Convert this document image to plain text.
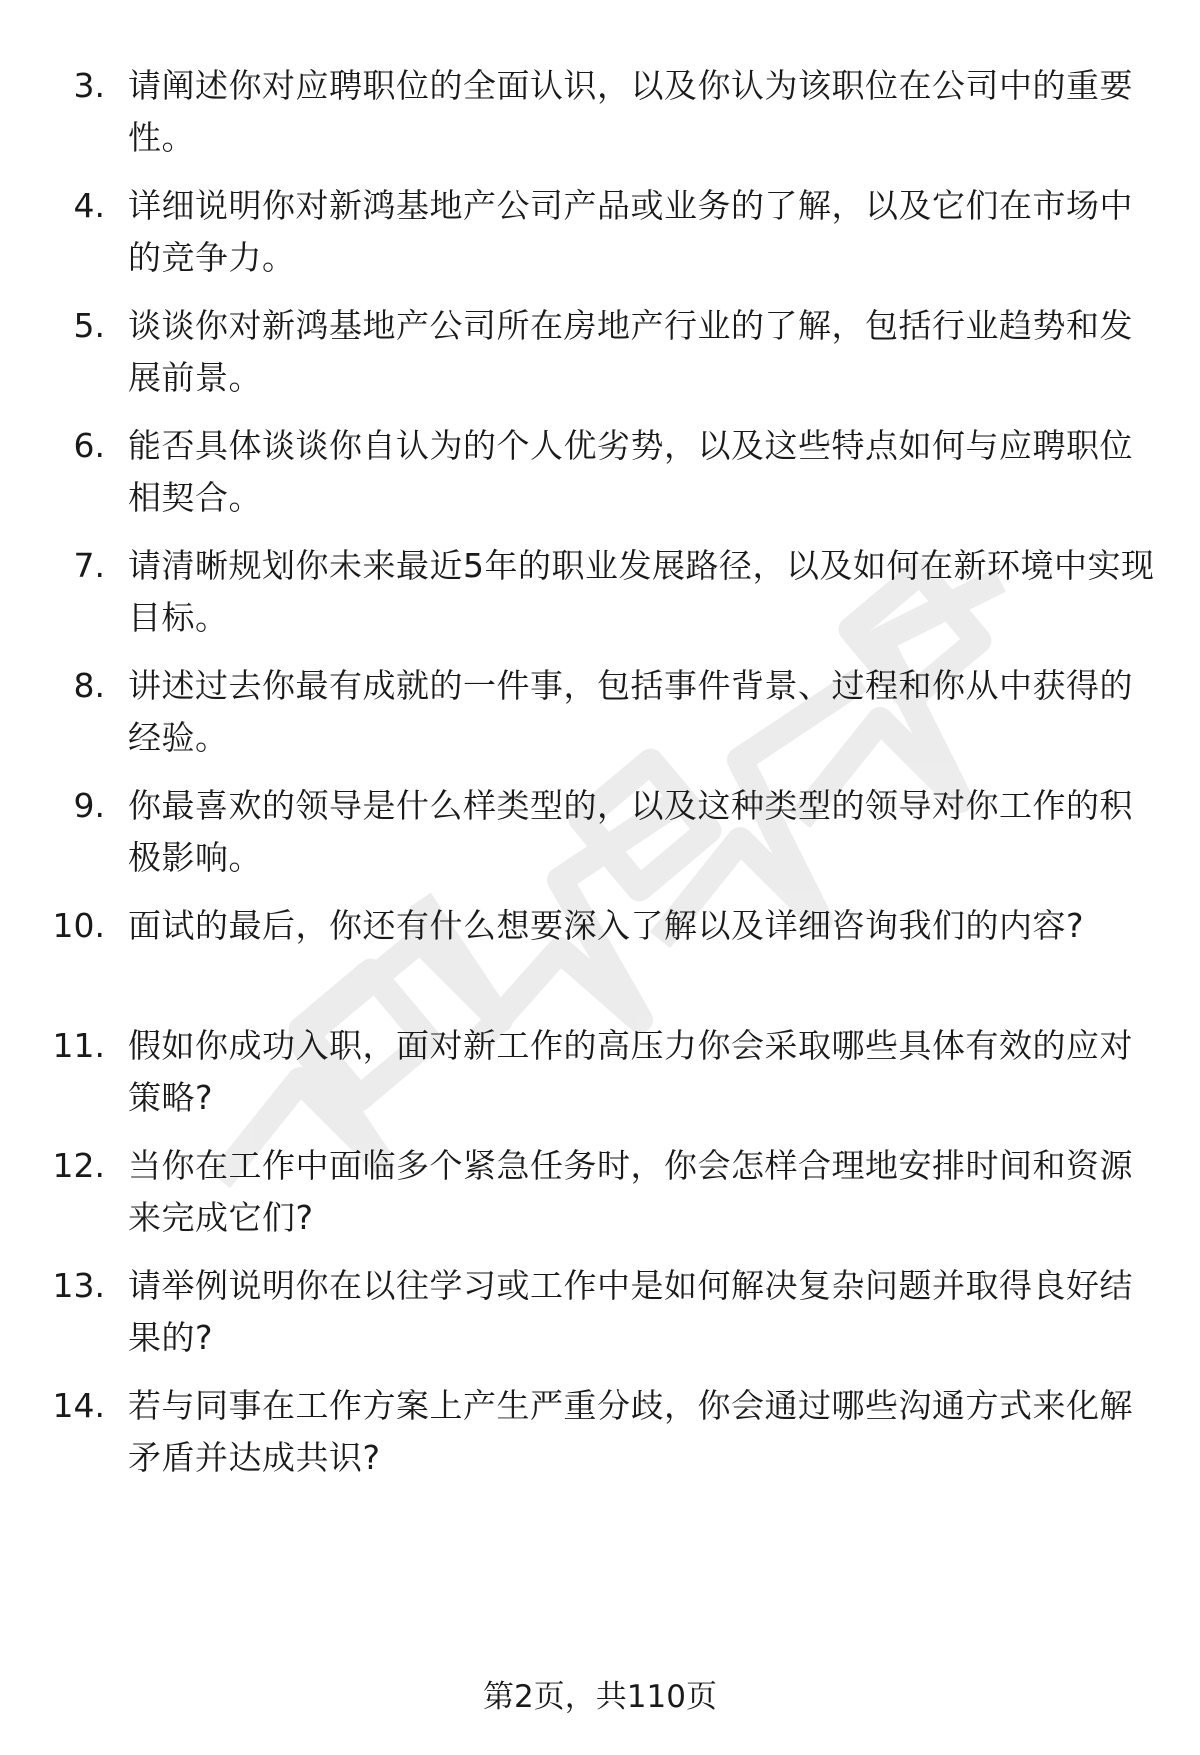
3. 请阐述你对应聘职位的全面认识，以及你认为该职位在公司中的重要性。
4. 详细说明你对新鸿基地产公司产品或业务的了解，以及它们在市场中的竞争力。
5. 谈谈你对新鸿基地产公司所在房地产行业的了解，包括行业趋势和发展前景。
6. 能否具体谈谈你自认为的个人优劣势，以及这些特点如何与应聘职位相契合。
7. 请清晰规划你未来最近5年的职业发展路径，以及如何在新环境中实现目标。
8. 讲述过去你最有成就的一件事，包括事件背景、过程和你从中获得的经验。
9. 你最喜欢的领导是什么样类型的，以及这种类型的领导对你工作的积极影响。
10. 面试的最后，你还有什么想要深入了解以及详细咨询我们的内容?
11. 假如你成功入职，面对新工作的高压力你会采取哪些具体有效的应对策略?
12. 当你在工作中面临多个紧急任务时，你会怎样合理地安排时间和资源来完成它们?
13. 请举例说明你在以往学习或工作中是如何解决复杂问题并取得良好结果的?
14. 若与同事在工作方案上产生严重分歧，你会通过哪些沟通方式来化解矛盾并达成共识?
第2页，共110页
